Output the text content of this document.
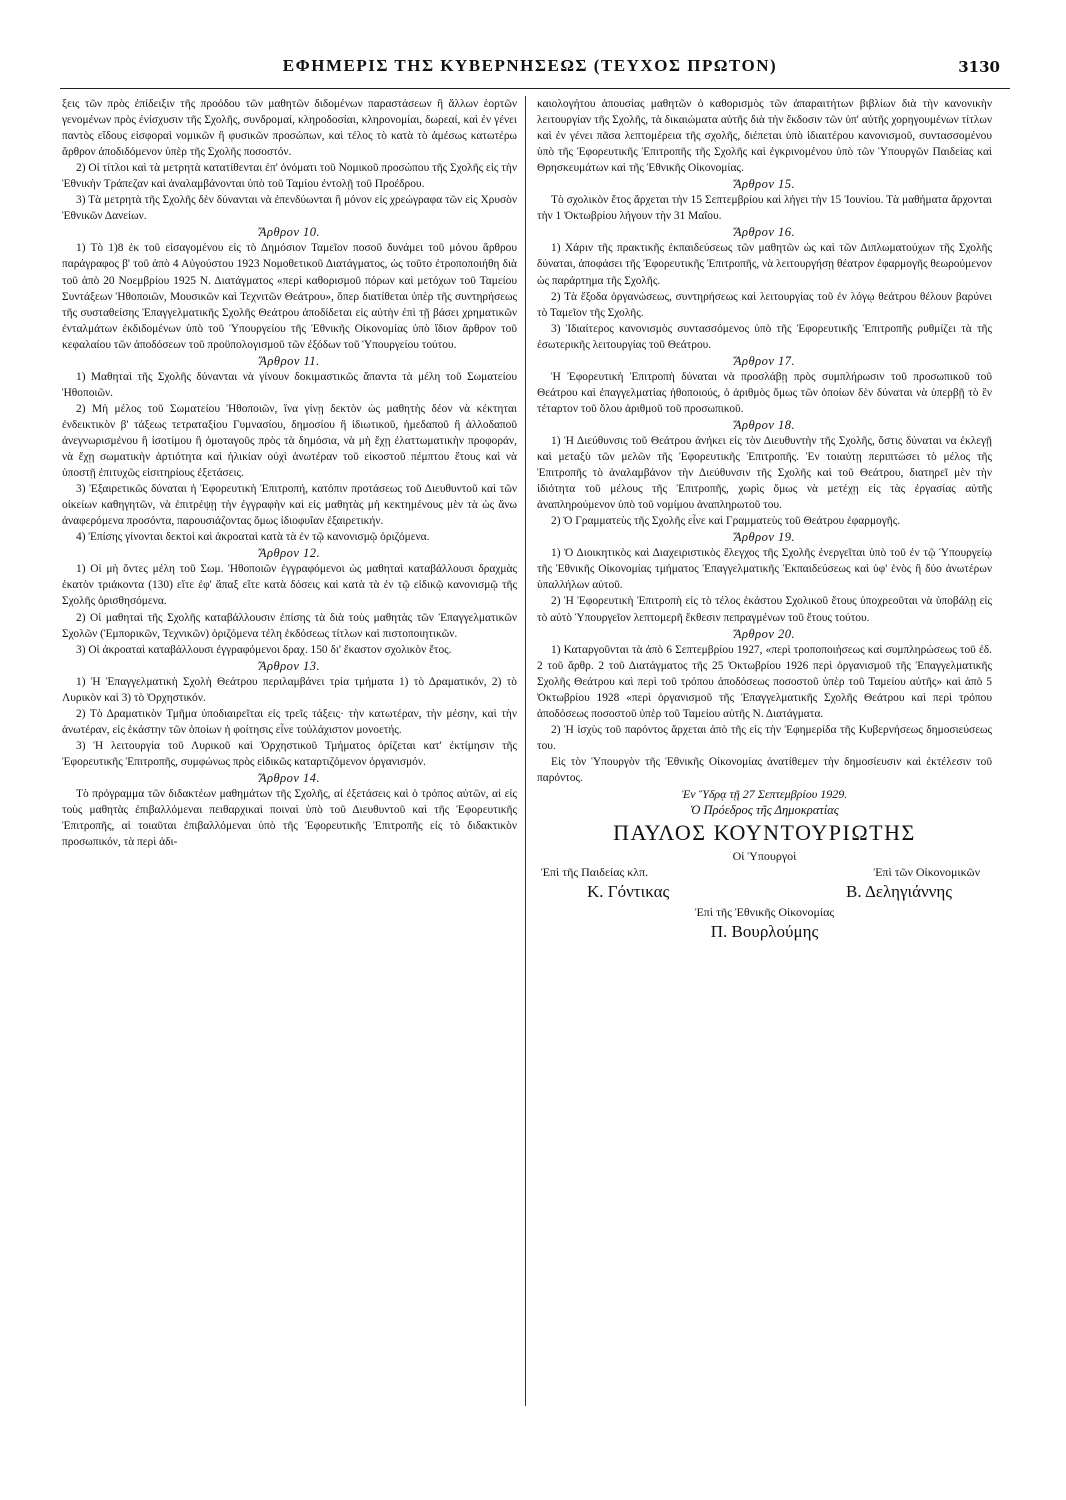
ΕΦΗΜΕΡΙΣ ΤΗΣ ΚΥΒΕΡΝΗΣΕΩΣ (ΤΕΥΧΟΣ ΠΡΩΤΟΝ)	3130

ξεις τῶν πρὸς ἐπίδειξιν τῆς προόδου τῶν μαθητῶν διδομένων παραστάσεων ἢ ἄλλων ἑορτῶν γενομένων πρὸς ἐνίσχυσιν τῆς Σχολῆς, συνδρομαί, κληροδοσίαι, κληρονομίαι, δωρεαί, καὶ ἐν γένει παντὸς εἴδους εἰσφοραὶ νομικῶν ἢ φυσικῶν προσώπων, καὶ τέλος τὸ κατὰ τὸ ἀμέσως κατωτέρω ἄρθρον ἀποδιδόμενον ὑπὲρ τῆς Σχολῆς ποσοστόν.

2) Οἱ τίτλοι καὶ τὰ μετρητὰ κατατίθενται ἐπ' ὀνόματι τοῦ Νομικοῦ προσώπου τῆς Σχολῆς εἰς τὴν Ἐθνικὴν Τράπεζαν καὶ ἀναλαμβάνονται ὑπὸ τοῦ Ταμίου ἐντολῇ τοῦ Προέδρου.

3) Τὰ μετρητὰ τῆς Σχολῆς δὲν δύνανται νὰ ἐπενδύωνται ἢ μόνον εἰς χρεώγραφα τῶν εἰς Χρυσὸν Ἐθνικῶν Δανείων.

Ἄρθρον 10.

1) Τὸ 1)8 ἐκ τοῦ εἰσαγομένου εἰς τὸ Δημόσιον Ταμεῖον ποσοῦ δυνάμει τοῦ μόνου ἄρθρου παράγραφος β' τοῦ ἀπὸ 4 Αὐγούστου 1923 Νομοθετικοῦ Διατάγματος, ὡς τοῦτο ἐτροποποιήθη διὰ τοῦ ἀπὸ 20 Νοεμβρίου 1925 Ν. Διατάγματος «περὶ καθορισμοῦ πόρων καὶ μετόχων τοῦ Ταμείου Συντάξεων Ἡθοποιῶν, Μουσικῶν καὶ Τεχνιτῶν Θεάτρου», ὅπερ διατίθεται ὑπὲρ τῆς συντηρήσεως τῆς συσταθείσης Ἐπαγγελματικῆς Σχολῆς Θεάτρου ἀποδίδεται εἰς αὐτὴν ἐπὶ τῇ βάσει χρηματικῶν ἐνταλμάτων ἐκδιδομένων ὑπὸ τοῦ Ὑπουργείου τῆς Ἐθνικῆς Οἰκονομίας ὑπὸ ἴδιον ἄρθρον τοῦ κεφαλαίου τῶν ἀποδόσεων τοῦ προϋπολογισμοῦ τῶν ἐξόδων τοῦ Ὑπουργείου τούτου.

Ἄρθρον 11.

1) Μαθηταὶ τῆς Σχολῆς δύνανται νὰ γίνουν δοκιμαστικῶς ἅπαντα τὰ μέλη τοῦ Σωματείου Ἡθοποιῶν.

2) Μὴ μέλος τοῦ Σωματείου Ἡθοποιῶν, ἵνα γίνῃ δεκτὸν ὡς μαθητὴς δέον νὰ κέκτηται ἐνδεικτικὸν β' τάξεως τετραταξίου Γυμνασίου, δημοσίου ἢ ἰδιωτικοῦ, ἡμεδαποῦ ἢ ἀλλοδαποῦ ἀνεγνωρισμένου ἢ ἰσοτίμου ἢ ὁμοταγοῦς πρὸς τὰ δημόσια, νὰ μὴ ἔχῃ ἐλαττωματικὴν προφοράν, νὰ ἔχῃ σωματικὴν ἀρτιότητα καὶ ἡλικίαν οὐχὶ ἀνωτέραν τοῦ εἰκοστοῦ πέμπτου ἔτους καὶ νὰ ὑποστῇ ἐπιτυχῶς εἰσιτηρίους ἐξετάσεις.

3) Ἐξαιρετικῶς δύναται ἡ Ἐφορευτικὴ Ἐπιτροπή, κατόπιν προτάσεως τοῦ Διευθυντοῦ καὶ τῶν οἰκείων καθηγητῶν, νὰ ἐπιτρέψῃ τὴν ἐγγραφὴν καὶ εἰς μαθητὰς μὴ κεκτημένους μὲν τὰ ὡς ἄνω ἀναφερόμενα προσόντα, παρουσιάζοντας ὅμως ἰδιοφυΐαν ἐξαιρετικήν.

4) Ἐπίσης γίνονται δεκτοὶ καὶ ἀκροαταὶ κατὰ τὰ ἐν τῷ κανονισμῷ ὁριζόμενα.

Ἄρθρον 12.

1) Οἱ μὴ ὄντες μέλη τοῦ Σωμ. Ἡθοποιῶν ἐγγραφόμενοι ὡς μαθηταὶ καταβάλλουσι δραχμὰς ἑκατὸν τριάκοντα (130) εἴτε ἐφ' ἅπαξ εἴτε κατὰ δόσεις καὶ κατὰ τὰ ἐν τῷ εἰδικῷ κανονισμῷ τῆς Σχολῆς ὁρισθησόμενα.

2) Οἱ μαθηταὶ τῆς Σχολῆς καταβάλλουσιν ἐπίσης τὰ διὰ τοὺς μαθητὰς τῶν Ἐπαγγελματικῶν Σχολῶν (Ἐμπορικῶν, Τεχνικῶν) ὁριζόμενα τέλη ἐκδόσεως τίτλων καὶ πιστοποιητικῶν.

3) Οἱ ἀκροαταὶ καταβάλλουσι ἐγγραφόμενοι δραχ. 150 δι' ἕκαστον σχολικὸν ἔτος.

Ἄρθρον 13.

1) Ἡ Ἐπαγγελματικὴ Σχολὴ Θεάτρου περιλαμβάνει τρία τμήματα 1) τὸ Δραματικόν, 2) τὸ Λυρικὸν καὶ 3) τὸ Ὀρχηστικόν.

2) Τὸ Δραματικὸν Τμῆμα ὑποδιαιρεῖται εἰς τρεῖς τάξεις· τὴν κατωτέραν, τὴν μέσην, καὶ τὴν ἀνωτέραν, εἰς ἑκάστην τῶν ὁποίων ἡ φοίτησις εἶνε τοὐλάχιστον μονοετής.

3) Ἡ λειτουργία τοῦ Λυρικοῦ καὶ Ὀρχηστικοῦ Τμήματος ὁρίζεται κατ' ἐκτίμησιν τῆς Ἐφορευτικῆς Ἐπιτροπῆς, συμφώνως πρὸς εἰδικῶς καταρτιζόμενον ὀργανισμόν.

Ἄρθρον 14.

Τὸ πρόγραμμα τῶν διδακτέων μαθημάτων τῆς Σχολῆς, αἱ ἐξετάσεις καὶ ὁ τρόπος αὐτῶν, αἱ εἰς τοὺς μαθητὰς ἐπιβαλλόμεναι πειθαρχικαὶ ποιναὶ ὑπὸ τοῦ Διευθυντοῦ καὶ τῆς Ἐφορευτικῆς Ἐπιτροπῆς, αἱ τοιαῦται ἐπιβαλλόμεναι ὑπὸ τῆς Ἐφορευτικῆς Ἐπιτροπῆς εἰς τὸ διδακτικὸν προσωπικόν, τὰ περὶ ἀδι-

καιολογήτου ἀπουσίας μαθητῶν ὁ καθορισμὸς τῶν ἀπαραιτήτων βιβλίων διὰ τὴν κανονικὴν λειτουργίαν τῆς Σχολῆς, τὰ δικαιώματα αὐτῆς διὰ τὴν ἔκδοσιν τῶν ὑπ' αὐτῆς χορηγουμένων τίτλων καὶ ἐν γένει πᾶσα λεπτομέρεια τῆς σχολῆς, διέπεται ὑπὸ ἰδιαιτέρου κανονισμοῦ, συντασσομένου ὑπὸ τῆς Ἐφορευτικῆς Ἐπιτροπῆς τῆς Σχολῆς καὶ ἐγκρινομένου ὑπὸ τῶν Ὑπουργῶν Παιδείας καὶ Θρησκευμάτων καὶ τῆς Ἐθνικῆς Οἰκονομίας.

Ἄρθρον 15.

Τὸ σχολικὸν ἔτος ἄρχεται τὴν 15 Σεπτεμβρίου καὶ λήγει τὴν 15 Ἰουνίου. Τὰ μαθήματα ἄρχονται τὴν 1 Ὀκτωβρίου λήγουν τὴν 31 Μαΐου.

Ἄρθρον 16.

1) Χάριν τῆς πρακτικῆς ἐκπαιδεύσεως τῶν μαθητῶν ὡς καὶ τῶν Διπλωματούχων τῆς Σχολῆς δύναται, ἀποφάσει τῆς Ἐφορευτικῆς Ἐπιτροπῆς, νὰ λειτουργήσῃ θέατρον ἐφαρμογῆς θεωρούμενον ὡς παράρτημα τῆς Σχολῆς.

2) Τὰ ἔξοδα ὀργανώσεως, συντηρήσεως καὶ λειτουργίας τοῦ ἐν λόγῳ θεάτρου θέλουν βαρύνει τὸ Ταμεῖον τῆς Σχολῆς.

3) Ἰδιαίτερος κανονισμὸς συντασσόμενος ὑπὸ τῆς Ἐφορευτικῆς Ἐπιτροπῆς ρυθμίζει τὰ τῆς ἐσωτερικῆς λειτουργίας τοῦ Θεάτρου.

Ἄρθρον 17.

Ἡ Ἐφορευτικὴ Ἐπιτροπὴ δύναται νὰ προσλάβῃ πρὸς συμπλήρωσιν τοῦ προσωπικοῦ τοῦ Θεάτρου καὶ ἐπαγγελματίας ἠθοποιούς, ὁ ἀριθμὸς ὅμως τῶν ὁποίων δὲν δύναται νὰ ὑπερβῇ τὸ ἓν τέταρτον τοῦ ὅλου ἀριθμοῦ τοῦ προσωπικοῦ.

Ἄρθρον 18.

1) Ἡ Διεύθυνσις τοῦ Θεάτρου ἀνήκει εἰς τὸν Διευθυντὴν τῆς Σχολῆς, ὅστις δύναται να ἐκλεγῇ καὶ μεταξὺ τῶν μελῶν τῆς Ἐφορευτικῆς Ἐπιτροπῆς. Ἐν τοιαύτῃ περιπτώσει τὸ μέλος τῆς Ἐπιτροπῆς τὸ ἀναλαμβάνον τὴν Διεύθυνσιν τῆς Σχολῆς καὶ τοῦ Θεάτρου, διατηρεῖ μὲν τὴν ἰδιότητα τοῦ μέλους τῆς Ἐπιτροπῆς, χωρὶς ὅμως νὰ μετέχῃ εἰς τὰς ἐργασίας αὐτῆς ἀναπληρούμενον ὑπὸ τοῦ νομίμου ἀναπληρωτοῦ του.

2) Ὁ Γραμματεὺς τῆς Σχολῆς εἶνε καὶ Γραμματεὺς τοῦ Θεάτρου ἐφαρμογῆς.

Ἄρθρον 19.

1) Ὁ Διοικητικὸς καὶ Διαχειριστικὸς ἔλεγχος τῆς Σχολῆς ἐνεργεῖται ὑπὸ τοῦ ἐν τῷ Ὑπουργείῳ τῆς Ἐθνικῆς Οἰκονομίας τμήματος Ἐπαγγελματικῆς Ἐκπαιδεύσεως καὶ ὑφ' ἑνὸς ἢ δύο ἀνωτέρων ὑπαλλήλων αὐτοῦ.

2) Ἡ Ἐφορευτικὴ Ἐπιτροπὴ εἰς τὸ τέλος ἑκάστου Σχολικοῦ ἔτους ὑποχρεοῦται νὰ ὑποβάλῃ εἰς τὸ αὐτὸ Ὑπουργεῖον λεπτομερῆ ἔκθεσιν πεπραγμένων τοῦ ἔτους τούτου.

Ἄρθρον 20.

1) Καταργοῦνται τὰ ἀπὸ 6 Σεπτεμβρίου 1927, «περὶ τροποποιήσεως καὶ συμπληρώσεως τοῦ ἐδ. 2 τοῦ ἄρθρ. 2 τοῦ Διατάγματος τῆς 25 Ὀκτωβρίου 1926 περὶ ὀργανισμοῦ τῆς Ἐπαγγελματικῆς Σχολῆς Θεάτρου καὶ περὶ τοῦ τρόπου ἀποδόσεως ποσοστοῦ ὑπὲρ τοῦ Ταμείου αὐτῆς» καὶ ἀπὸ 5 Ὀκτωβρίου 1928 «περὶ ὀργανισμοῦ τῆς Ἐπαγγελματικῆς Σχολῆς Θεάτρου καὶ περὶ τρόπου ἀποδόσεως ποσοστοῦ ὑπὲρ τοῦ Ταμείου αὐτῆς Ν. Διατάγματα.

2) Ἡ ἰσχὺς τοῦ παρόντος ἄρχεται ἀπὸ τῆς εἰς τὴν Ἐφημερίδα τῆς Κυβερνήσεως δημοσιεύσεως του.

Εἰς τὸν Ὑπουργὸν τῆς Ἐθνικῆς Οἰκονομίας ἀνατίθεμεν τὴν δημοσίευσιν καὶ ἐκτέλεσιν τοῦ παρόντος.

Ἐν Ὕδρᾳ τῇ 27 Σεπτεμβρίου 1929.

Ὁ Πρόεδρος τῆς Δημοκρατίας

ΠΑΥΛΟΣ ΚΟΥΝΤΟΥΡΙΩΤΗΣ

Οἱ Ὑπουργοὶ

Ἐπὶ τῆς Παιδείας κλπ.	Ἐπὶ τῶν Οἰκονομικῶν
Κ. Γόντικας	Β. Δεληγιάννης

Ἐπὶ τῆς Ἐθνικῆς Οἰκονομίας

Π. Βουρλούμης
